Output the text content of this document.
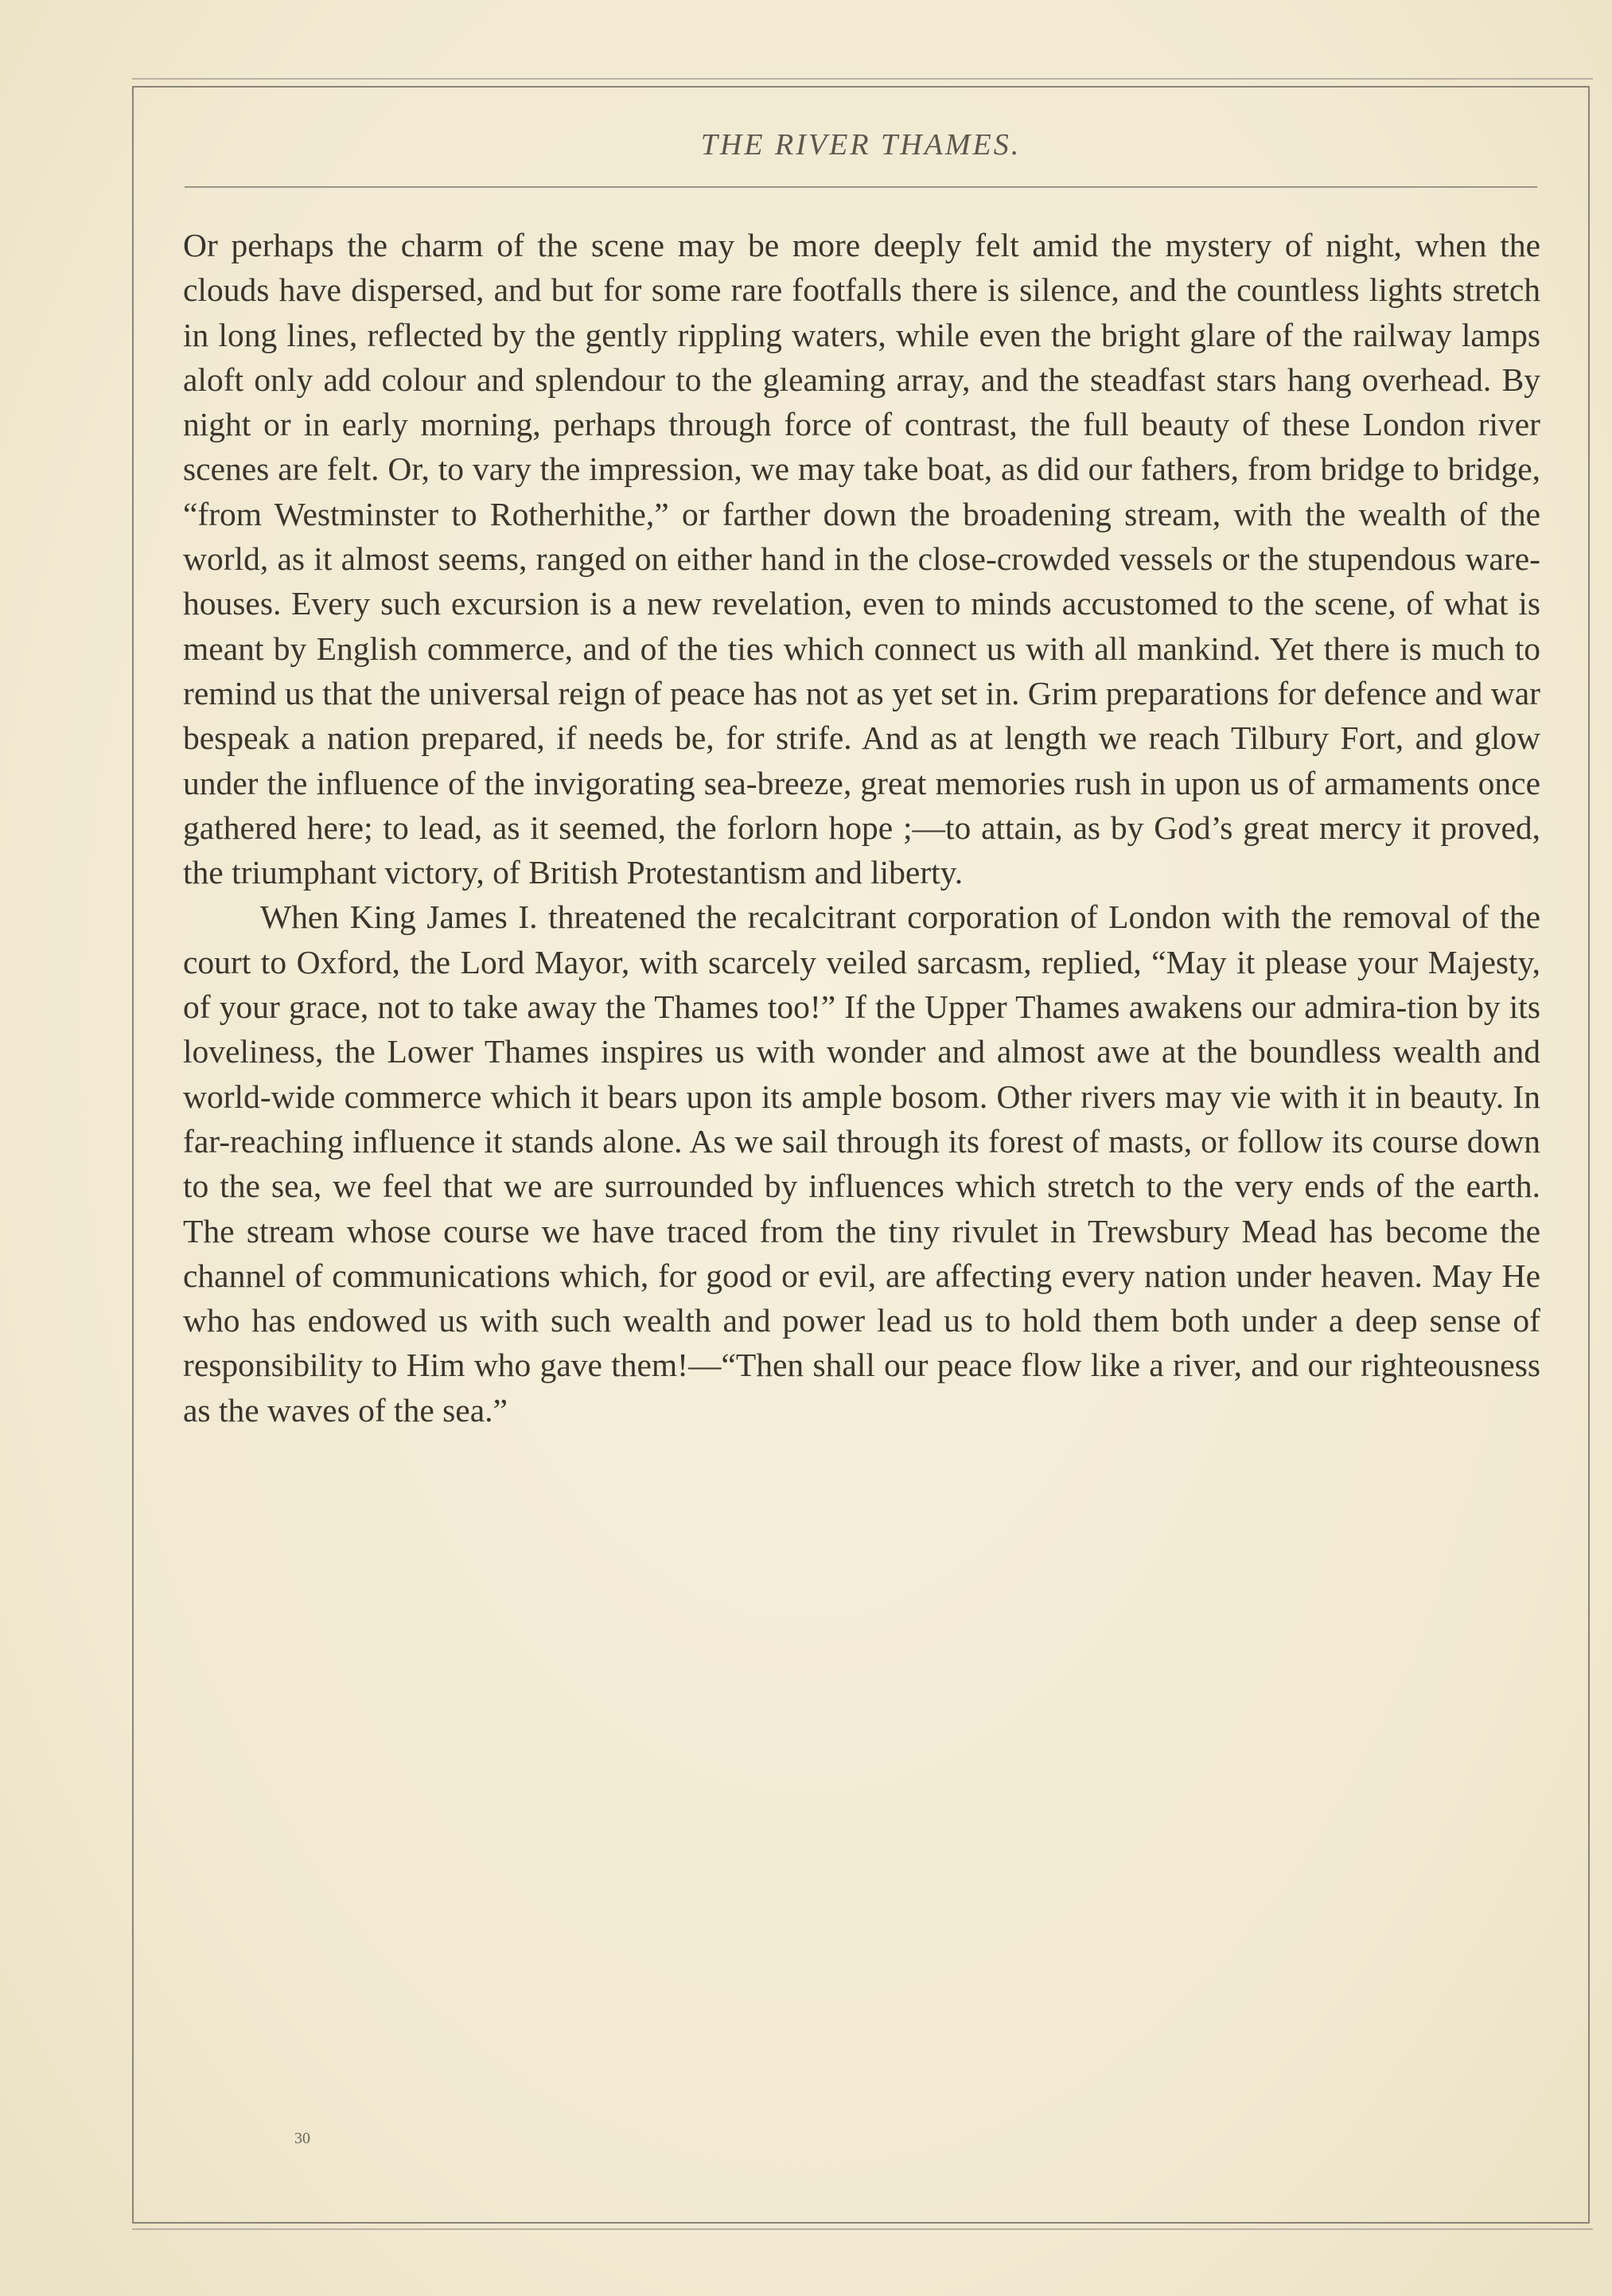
THE RIVER THAMES.

Or perhaps the charm of the scene may be more deeply felt amid the mystery of night, when the clouds have dispersed, and but for some rare footfalls there is silence, and the countless lights stretch in long lines, reflected by the gently rippling waters, while even the bright glare of the railway lamps aloft only add colour and splendour to the gleaming array, and the steadfast stars hang overhead. By night or in early morning, perhaps through force of contrast, the full beauty of these London river scenes are felt. Or, to vary the impression, we may take boat, as did our fathers, from bridge to bridge, “from Westminster to Rotherhithe,” or farther down the broadening stream, with the wealth of the world, as it almost seems, ranged on either hand in the close-crowded vessels or the stupendous ware-houses. Every such excursion is a new revelation, even to minds accustomed to the scene, of what is meant by English commerce, and of the ties which connect us with all mankind. Yet there is much to remind us that the universal reign of peace has not as yet set in. Grim preparations for defence and war bespeak a nation prepared, if needs be, for strife. And as at length we reach Tilbury Fort, and glow under the influence of the invigorating sea-breeze, great memories rush in upon us of armaments once gathered here; to lead, as it seemed, the forlorn hope ;—to attain, as by God’s great mercy it proved, the triumphant victory, of British Protestantism and liberty.

When King James I. threatened the recalcitrant corporation of London with the removal of the court to Oxford, the Lord Mayor, with scarcely veiled sarcasm, replied, “May it please your Majesty, of your grace, not to take away the Thames too!” If the Upper Thames awakens our admira-tion by its loveliness, the Lower Thames inspires us with wonder and almost awe at the boundless wealth and world-wide commerce which it bears upon its ample bosom. Other rivers may vie with it in beauty. In far-reaching influence it stands alone. As we sail through its forest of masts, or follow its course down to the sea, we feel that we are surrounded by influences which stretch to the very ends of the earth. The stream whose course we have traced from the tiny rivulet in Trewsbury Mead has become the channel of communications which, for good or evil, are affecting every nation under heaven. May He who has endowed us with such wealth and power lead us to hold them both under a deep sense of responsibility to Him who gave them!—“Then shall our peace flow like a river, and our righteousness as the waves of the sea.”

30
